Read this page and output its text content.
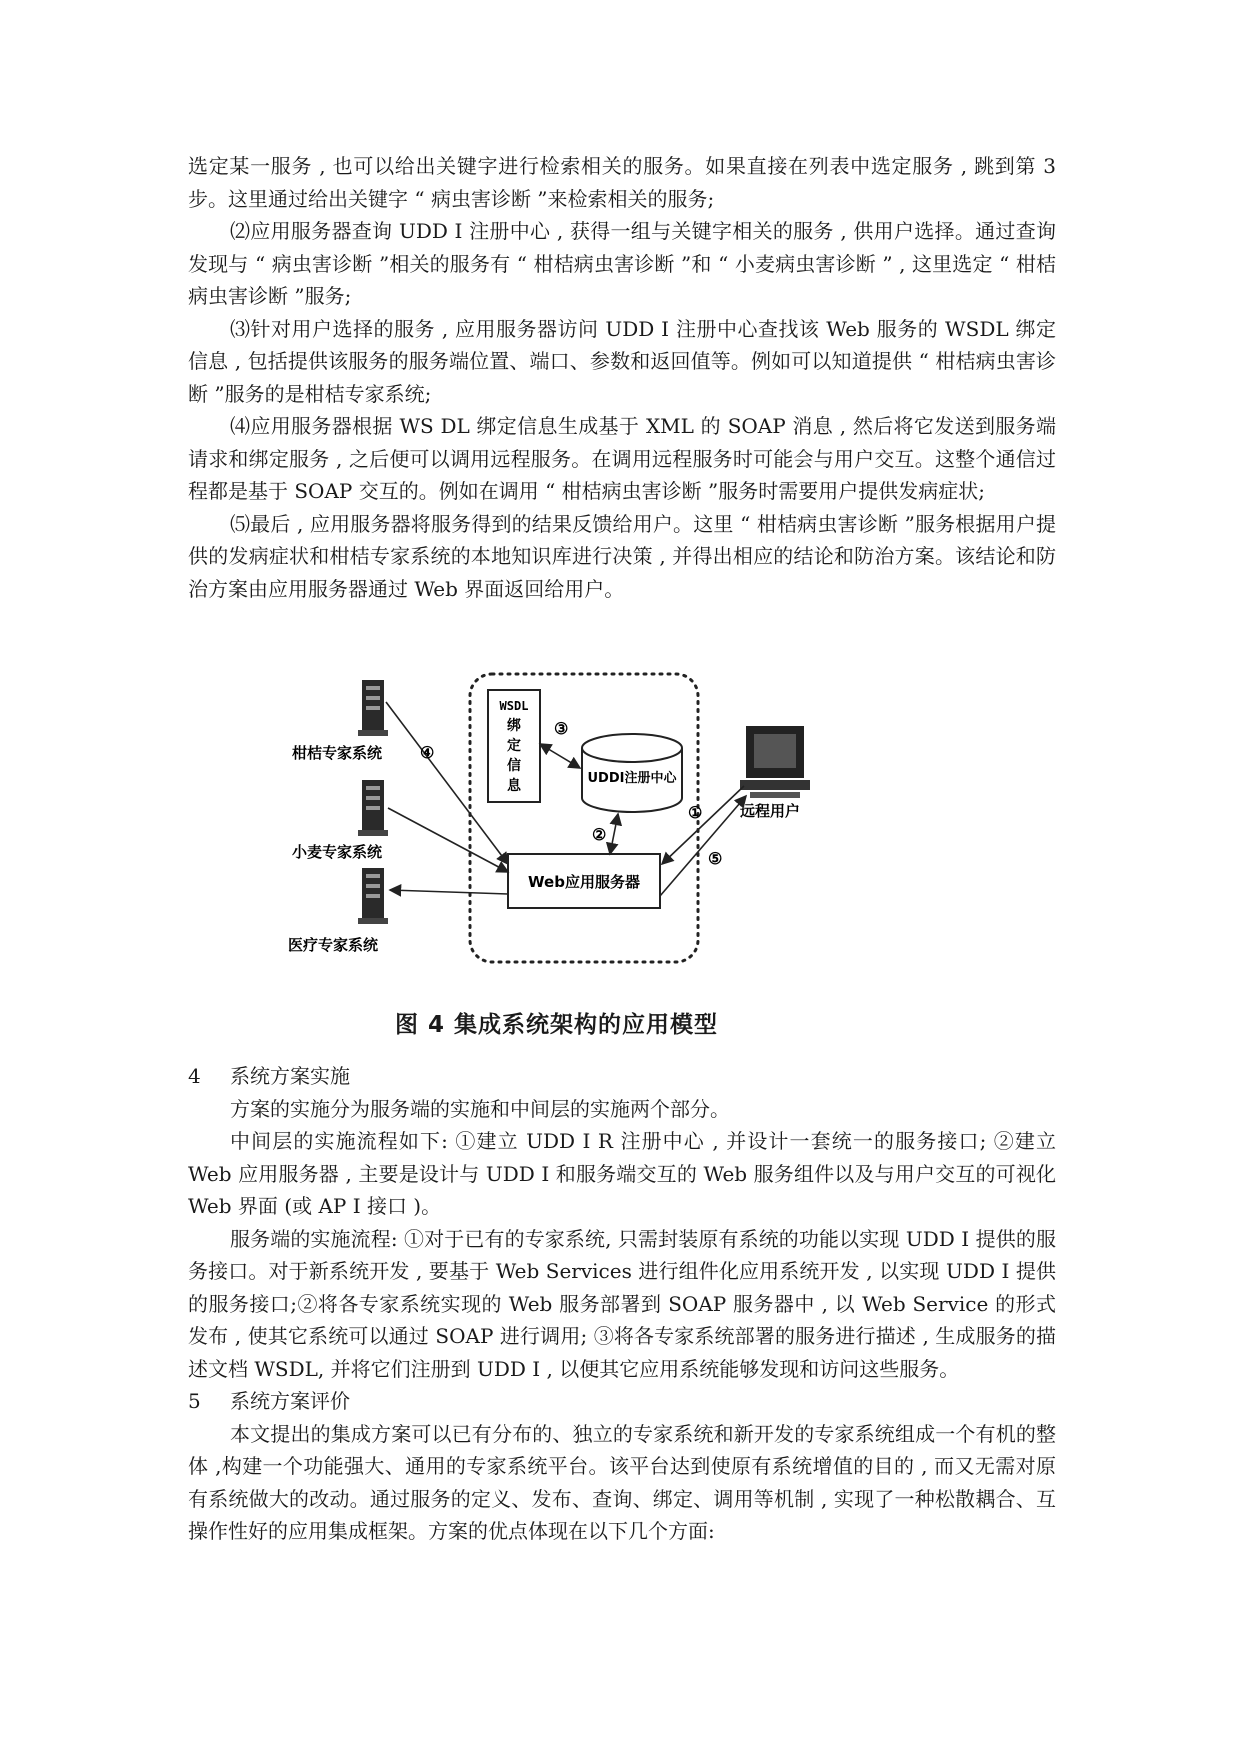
选定某一服务 , 也可以给出关键字进行检索相关的服务。如果直接在列表中选定服务 , 跳到第 3 步。这里通过给出关键字 “ 病虫害诊断 ”来检索相关的服务;

⑵应用服务器查询 UDD I 注册中心 , 获得一组与关键字相关的服务 , 供用户选择。通过查询发现与 “ 病虫害诊断 ”相关的服务有 “ 柑桔病虫害诊断 ”和 “ 小麦病虫害诊断 ” , 这里选定 “ 柑桔病虫害诊断 ”服务;

⑶针对用户选择的服务 , 应用服务器访问 UDD I 注册中心查找该 Web 服务的 WSDL 绑定信息 , 包括提供该服务的服务端位置、端口、参数和返回值等。例如可以知道提供 “ 柑桔病虫害诊断 ”服务的是柑桔专家系统;

⑷应用服务器根据 WS DL 绑定信息生成基于 XML 的 SOAP 消息 , 然后将它发送到服务端请求和绑定服务 , 之后便可以调用远程服务。在调用远程服务时可能会与用户交互。这整个通信过程都是基于 SOAP 交互的。例如在调用 “ 柑桔病虫害诊断 ”服务时需要用户提供发病症状;

⑸最后 , 应用服务器将服务得到的结果反馈给用户。这里 “ 柑桔病虫害诊断 ”服务根据用户提供的发病症状和柑桔专家系统的本地知识库进行决策 , 并得出相应的结论和防治方案。该结论和防治方案由应用服务器通过 Web 界面返回给用户。

柑桔专家系统
小麦专家系统
医疗专家系统
WSDL
绑
定
信
息	UDDI注册中心
Web应用服务器
远程用户
④
③
②
①
⑤
图 4 集成系统架构的应用模型

4 系统方案实施

方案的实施分为服务端的实施和中间层的实施两个部分。

中间层的实施流程如下: ①建立 UDD I R 注册中心 , 并设计一套统一的服务接口; ②建立 Web 应用服务器 , 主要是设计与 UDD I 和服务端交互的 Web 服务组件以及与用户交互的可视化 Web 界面 (或 AP I 接口 )。

服务端的实施流程: ①对于已有的专家系统, 只需封装原有系统的功能以实现 UDD I 提供的服务接口。对于新系统开发 , 要基于 Web Services 进行组件化应用系统开发 , 以实现 UDD I 提供的服务接口;②将各专家系统实现的 Web 服务部署到 SOAP 服务器中 , 以 Web Service 的形式发布 , 使其它系统可以通过 SOAP 进行调用; ③将各专家系统部署的服务进行描述 , 生成服务的描述文档 WSDL, 并将它们注册到 UDD I , 以便其它应用系统能够发现和访问这些服务。

5 系统方案评价

本文提出的集成方案可以已有分布的、独立的专家系统和新开发的专家系统组成一个有机的整体 ,构建一个功能强大、通用的专家系统平台。该平台达到使原有系统增值的目的 , 而又无需对原有系统做大的改动。通过服务的定义、发布、查询、绑定、调用等机制 , 实现了一种松散耦合、互操作性好的应用集成框架。方案的优点体现在以下几个方面:
